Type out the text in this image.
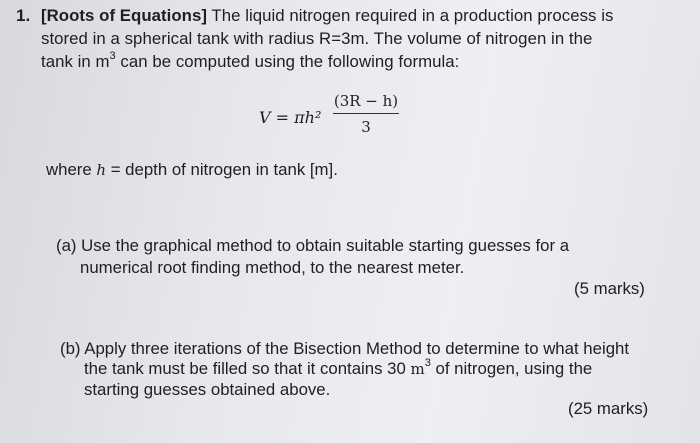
1. [Roots of Equations] The liquid nitrogen required in a production process is
stored in a spherical tank with radius R=3m. The volume of nitrogen in the
tank in $m^3$ can be computed using the following formula:
V = πh²
(3R − h)
3
where h = depth of nitrogen in tank [m].
(a) Use the graphical method to obtain suitable starting guesses for a
numerical root finding method, to the nearest meter.
(5 marks)
(b) Apply three iterations of the Bisection Method to determine to what height
the tank must be filled so that it contains 30 $m^3$ of nitrogen, using the
starting guesses obtained above.
(25 marks)
